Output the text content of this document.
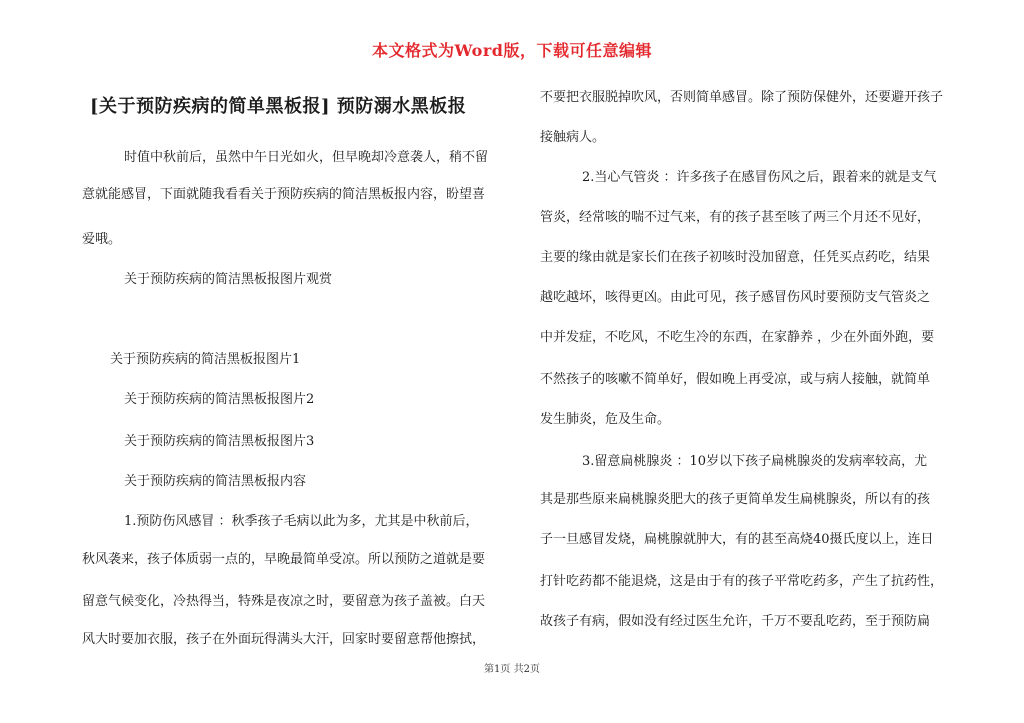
本文格式为Word版，下载可任意编辑
[关于预防疾病的简单黑板报] 预防溺水黑板报
时值中秋前后，虽然中午日光如火，但早晚却冷意袭人，稍不留
意就能感冒，下面就随我看看关于预防疾病的简洁黑板报内容，盼望喜
爱哦。
关于预防疾病的简洁黑板报图片观赏
关于预防疾病的简洁黑板报图片1
关于预防疾病的简洁黑板报图片2
关于预防疾病的简洁黑板报图片3
关于预防疾病的简洁黑板报内容
1.预防伤风感冒 ：秋季孩子毛病以此为多，尤其是中秋前后，
秋风袭来，孩子体质弱一点的，早晚最简单受凉。所以预防之道就是要
留意气候变化，冷热得当，特殊是夜凉之时，要留意为孩子盖被。白天
风大时要加衣服，孩子在外面玩得满头大汗，回家时要留意帮他擦拭，
不要把衣服脱掉吹风，否则简单感冒。除了预防保健外，还要避开孩子
接触病人。
2.当心气管炎 ：许多孩子在感冒伤风之后，跟着来的就是支气
管炎，经常咳的喘不过气来，有的孩子甚至咳了两三个月还不见好，
主要的缘由就是家长们在孩子初咳时没加留意，任凭买点药吃，结果
越吃越坏，咳得更凶。由此可见，孩子感冒伤风时要预防支气管炎之
中并发症，不吃风，不吃生冷的东西，在家静养 ，少在外面外跑，要
不然孩子的咳嗽不简单好，假如晚上再受凉，或与病人接触，就简单
发生肺炎，危及生命。
3.留意扁桃腺炎 ：10岁以下孩子扁桃腺炎的发病率较高，尤
其是那些原来扁桃腺炎肥大的孩子更简单发生扁桃腺炎，所以有的孩
子一旦感冒发烧，扁桃腺就肿大，有的甚至高烧40摄氏度以上，连日
打针吃药都不能退烧，这是由于有的孩子平常吃药多，产生了抗药性，
故孩子有病，假如没有经过医生允许，千万不要乱吃药，至于预防扁
第1页 共2页
